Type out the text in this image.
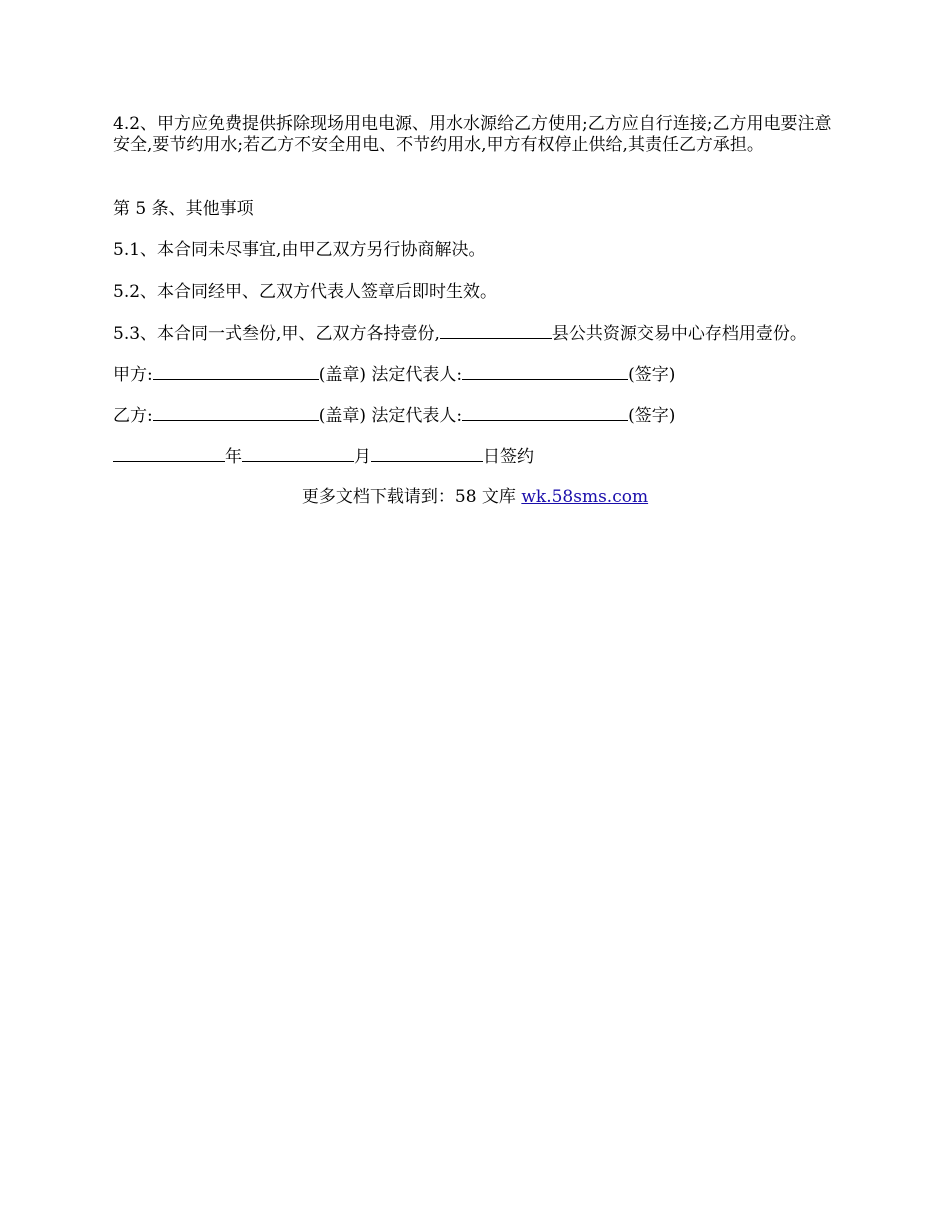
4.2、甲方应免费提供拆除现场用电电源、用水水源给乙方使用;乙方应自行连接;乙方用电要注意安全,要节约用水;若乙方不安全用电、不节约用水,甲方有权停止供给,其责任乙方承担。
第 5 条、其他事项
5.1、本合同未尽事宜,由甲乙双方另行协商解决。
5.2、本合同经甲、乙双方代表人签章后即时生效。
5.3、本合同一式叁份,甲、乙双方各持壹份,	县公共资源交易中心存档用壹份。
甲方:	(盖章) 法定代表人:	(签字)
乙方:	(盖章) 法定代表人:	(签字)
年	月	日签约
更多文档下载请到：58 文库 wk.58sms.com
